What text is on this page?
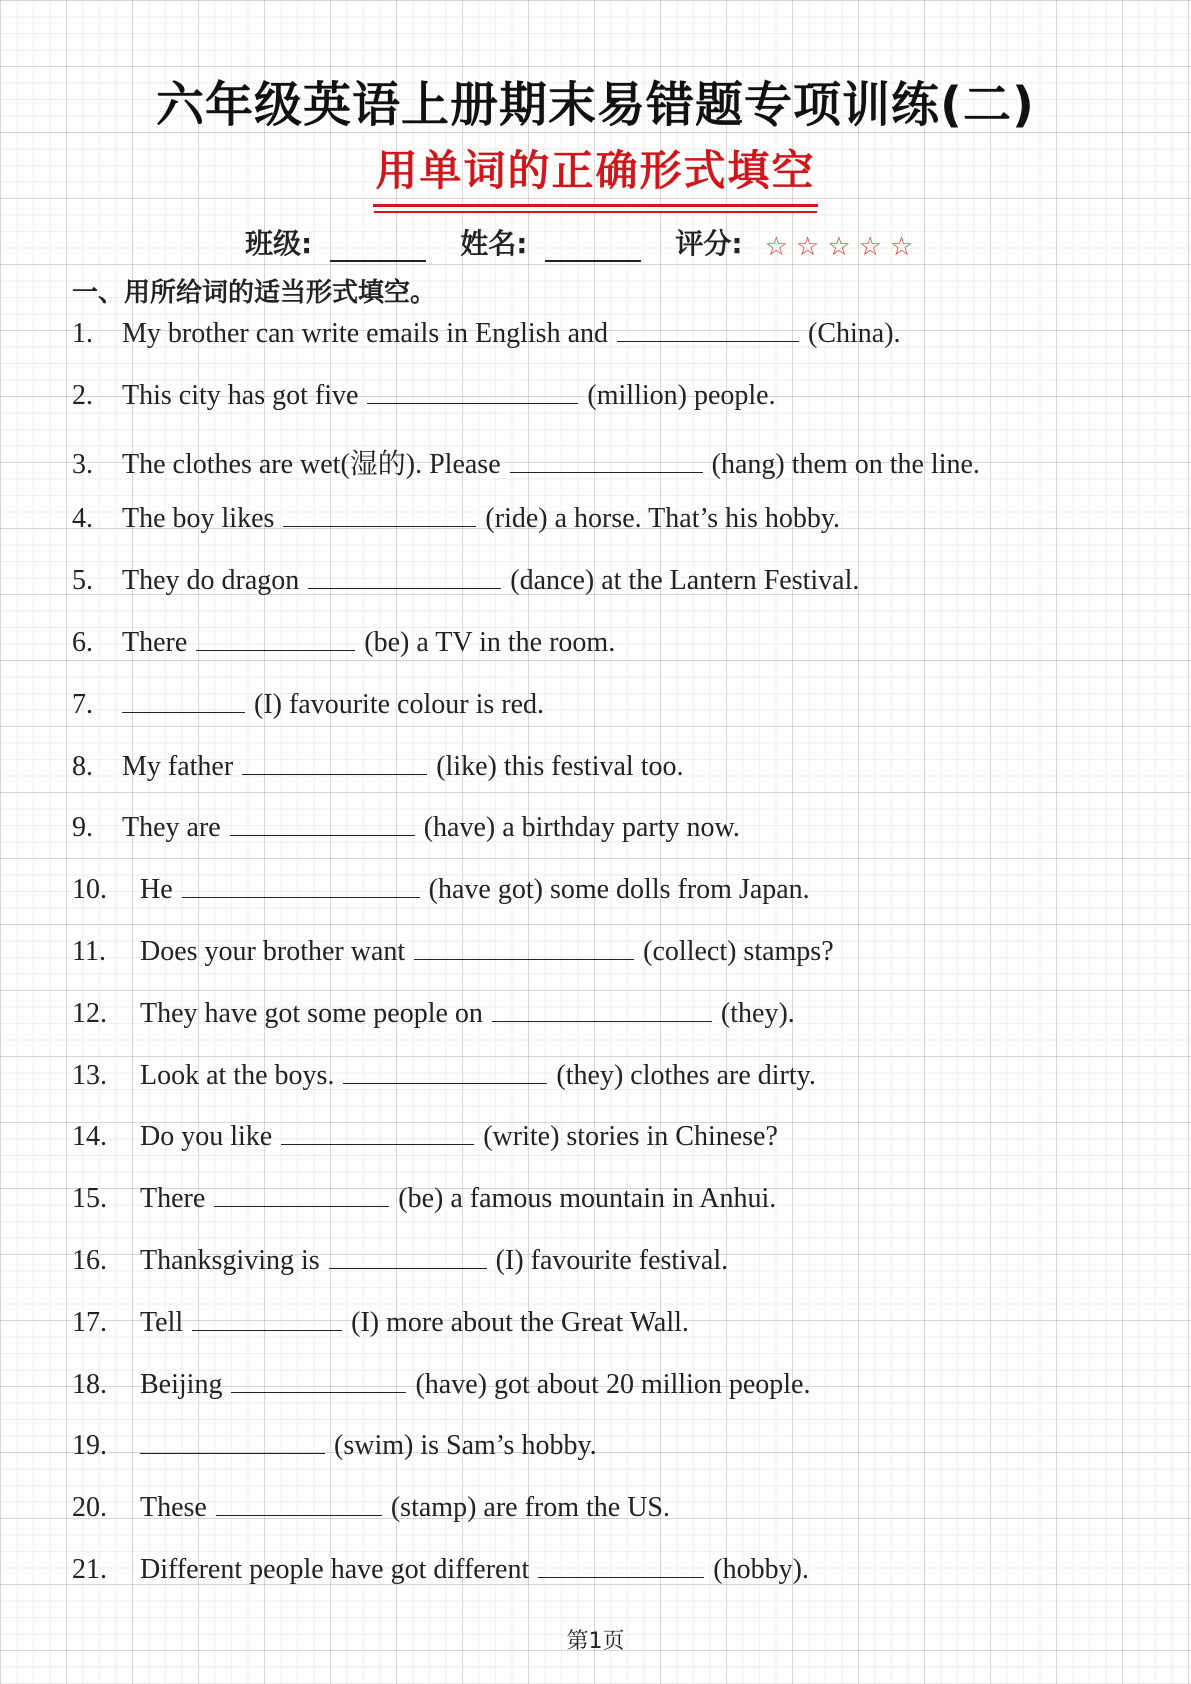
六年级英语上册期末易错题专项训练(二)
用单词的正确形式填空
班级:	姓名:	评分: ☆☆☆☆☆
一、用所给词的适当形式填空。
1.	My brother can write emails in English and	(China).
2.	This city has got five	(million) people.
3.	The clothes are wet(湿的). Please	(hang) them on the line.
4.	The boy likes	(ride) a horse. That’s his hobby.
5.	They do dragon	(dance) at the Lantern Festival.
6.	There	(be) a TV in the room.
7.	(I) favourite colour is red.
8.	My father	(like) this festival too.
9.	They are	(have) a birthday party now.
10.	He	(have got) some dolls from Japan.
11.	Does your brother want	(collect) stamps?
12.	They have got some people on	(they).
13.	Look at the boys.	(they) clothes are dirty.
14.	Do you like	(write) stories in Chinese?
15.	There	(be) a famous mountain in Anhui.
16.	Thanksgiving is	(I) favourite festival.
17.	Tell	(I) more about the Great Wall.
18.	Beijing	(have) got about 20 million people.
19.	(swim) is Sam’s hobby.
20.	These	(stamp) are from the US.
21.	Different people have got different	(hobby).
第1页
